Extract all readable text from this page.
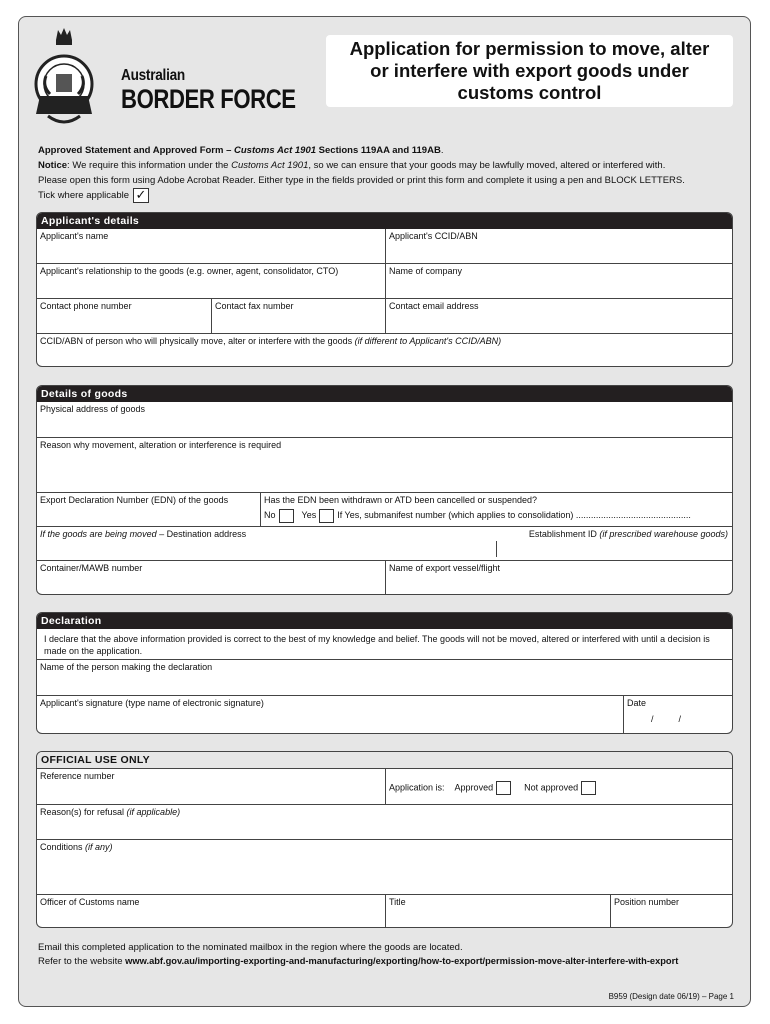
Australian
BORDER FORCE
Application for permission to move, alter or interfere with export goods under customs control
Approved Statement and Approved Form – Customs Act 1901 Sections 119AA and 119AB.
Notice: We require this information under the Customs Act 1901, so we can ensure that your goods may be lawfully moved, altered or interfered with.
Please open this form using Adobe Acrobat Reader. Either type in the fields provided or print this form and complete it using a pen and BLOCK LETTERS.
Tick where applicable ✓
Applicant's details
Applicant's name	Applicant's CCID/ABN
Applicant's relationship to the goods (e.g. owner, agent, consolidator, CTO)	Name of company
Contact phone number	Contact fax number	Contact email address
CCID/ABN of person who will physically move, alter or interfere with the goods (if different to Applicant's CCID/ABN)
Details of goods
Physical address of goods
Reason why movement, alteration or interference is required
Export Declaration Number (EDN) of the goods	Has the EDN been withdrawn or ATD been cancelled or suspended?
No	Yes If Yes, submanifest number (which applies to consolidation) ..............................................
If the goods are being moved – Destination address	Establishment ID (if prescribed warehouse goods)
Container/MAWB number	Name of export vessel/flight
Declaration
I declare that the above information provided is correct to the best of my knowledge and belief. The goods will not be moved, altered or interfered with until a decision is made on the application.
Name of the person making the declaration
Applicant's signature (type name of electronic signature)	Date
/          /
OFFICIAL USE ONLY
Reference number
Application is: Approved	Not approved
Reason(s) for refusal (if applicable)
Conditions (if any)
Officer of Customs name	Title	Position number
Email this completed application to the nominated mailbox in the region where the goods are located.
Refer to the website www.abf.gov.au/importing-exporting-and-manufacturing/exporting/how-to-export/permission-move-alter-interfere-with-export
B959 (Design date 06/19) – Page 1
